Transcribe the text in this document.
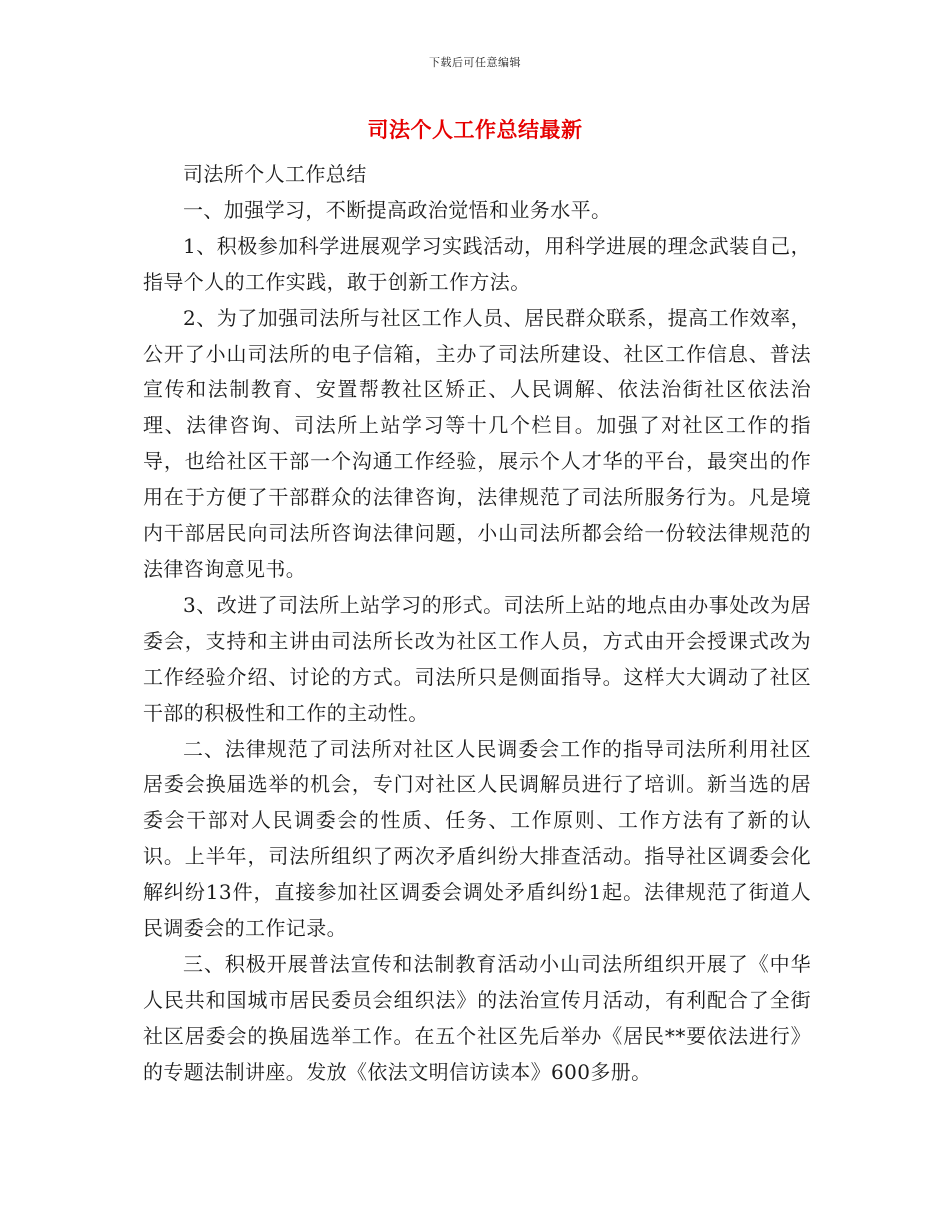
下载后可任意编辑
司法个人工作总结最新

司法所个人工作总结

一、加强学习，不断提高政治觉悟和业务水平。

1、积极参加科学进展观学习实践活动，用科学进展的理念武装自己，指导个人的工作实践，敢于创新工作方法。

2、为了加强司法所与社区工作人员、居民群众联系，提高工作效率，公开了小山司法所的电子信箱，主办了司法所建设、社区工作信息、普法宣传和法制教育、安置帮教社区矫正、人民调解、依法治街社区依法治理、法律咨询、司法所上站学习等十几个栏目。加强了对社区工作的指导，也给社区干部一个沟通工作经验，展示个人才华的平台，最突出的作用在于方便了干部群众的法律咨询，法律规范了司法所服务行为。凡是境内干部居民向司法所咨询法律问题，小山司法所都会给一份较法律规范的法律咨询意见书。

3、改进了司法所上站学习的形式。司法所上站的地点由办事处改为居委会，支持和主讲由司法所长改为社区工作人员，方式由开会授课式改为工作经验介绍、讨论的方式。司法所只是侧面指导。这样大大调动了社区干部的积极性和工作的主动性。

二、法律规范了司法所对社区人民调委会工作的指导司法所利用社区居委会换届选举的机会，专门对社区人民调解员进行了培训。新当选的居委会干部对人民调委会的性质、任务、工作原则、工作方法有了新的认识。上半年，司法所组织了两次矛盾纠纷大排查活动。指导社区调委会化解纠纷13件，直接参加社区调委会调处矛盾纠纷1起。法律规范了街道人民调委会的工作记录。

三、积极开展普法宣传和法制教育活动小山司法所组织开展了《中华人民共和国城市居民委员会组织法》的法治宣传月活动，有利配合了全街社区居委会的换届选举工作。在五个社区先后举办《居民**要依法进行》的专题法制讲座。发放《依法文明信访读本》600多册。
